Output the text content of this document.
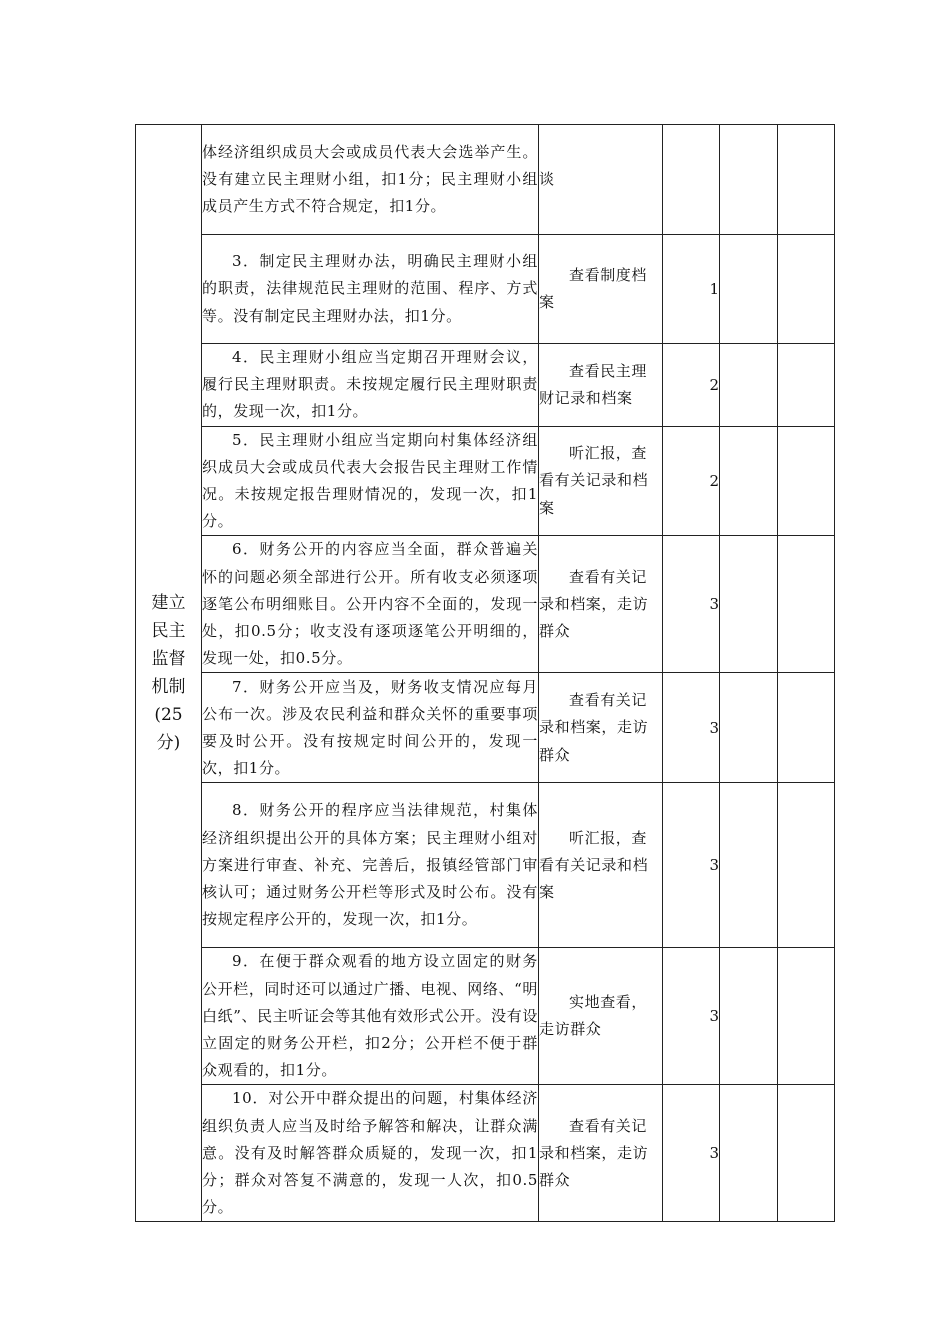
建立民主监督机制(25分)	体经济组织成员大会或成员代表大会选举产生。没有建立民主理财小组，扣1分；民主理财小组成员产生方式不符合规定，扣1分。	谈			
	3．制定民主理财办法，明确民主理财小组的职责，法律规范民主理财的范围、程序、方式等。没有制定民主理财办法，扣1分。	查看制度档案	1		
	4．民主理财小组应当定期召开理财会议，履行民主理财职责。未按规定履行民主理财职责的，发现一次，扣1分。	查看民主理财记录和档案	2		
	5．民主理财小组应当定期向村集体经济组织成员大会或成员代表大会报告民主理财工作情况。未按规定报告理财情况的，发现一次，扣1分。	听汇报，查看有关记录和档案	2		
	6．财务公开的内容应当全面，群众普遍关怀的问题必须全部进行公开。所有收支必须逐项逐笔公布明细账目。公开内容不全面的，发现一处，扣0.5分；收支没有逐项逐笔公开明细的，发现一处，扣0.5分。	查看有关记录和档案，走访群众	3		
	7．财务公开应当及，财务收支情况应每月公布一次。涉及农民利益和群众关怀的重要事项要及时公开。没有按规定时间公开的，发现一次，扣1分。	查看有关记录和档案，走访群众	3		
	8．财务公开的程序应当法律规范，村集体经济组织提出公开的具体方案；民主理财小组对方案进行审查、补充、完善后，报镇经管部门审核认可；通过财务公开栏等形式及时公布。没有按规定程序公开的，发现一次，扣1分。	听汇报，查看有关记录和档案	3		
	9．在便于群众观看的地方设立固定的财务公开栏，同时还可以通过广播、电视、网络、“明白纸”、民主听证会等其他有效形式公开。没有设立固定的财务公开栏，扣2分；公开栏不便于群众观看的，扣1分。	实地查看，走访群众	3		
	10．对公开中群众提出的问题，村集体经济组织负责人应当及时给予解答和解决，让群众满意。没有及时解答群众质疑的，发现一次，扣1分；群众对答复不满意的，发现一人次，扣0.5分。	查看有关记录和档案，走访群众	3		
